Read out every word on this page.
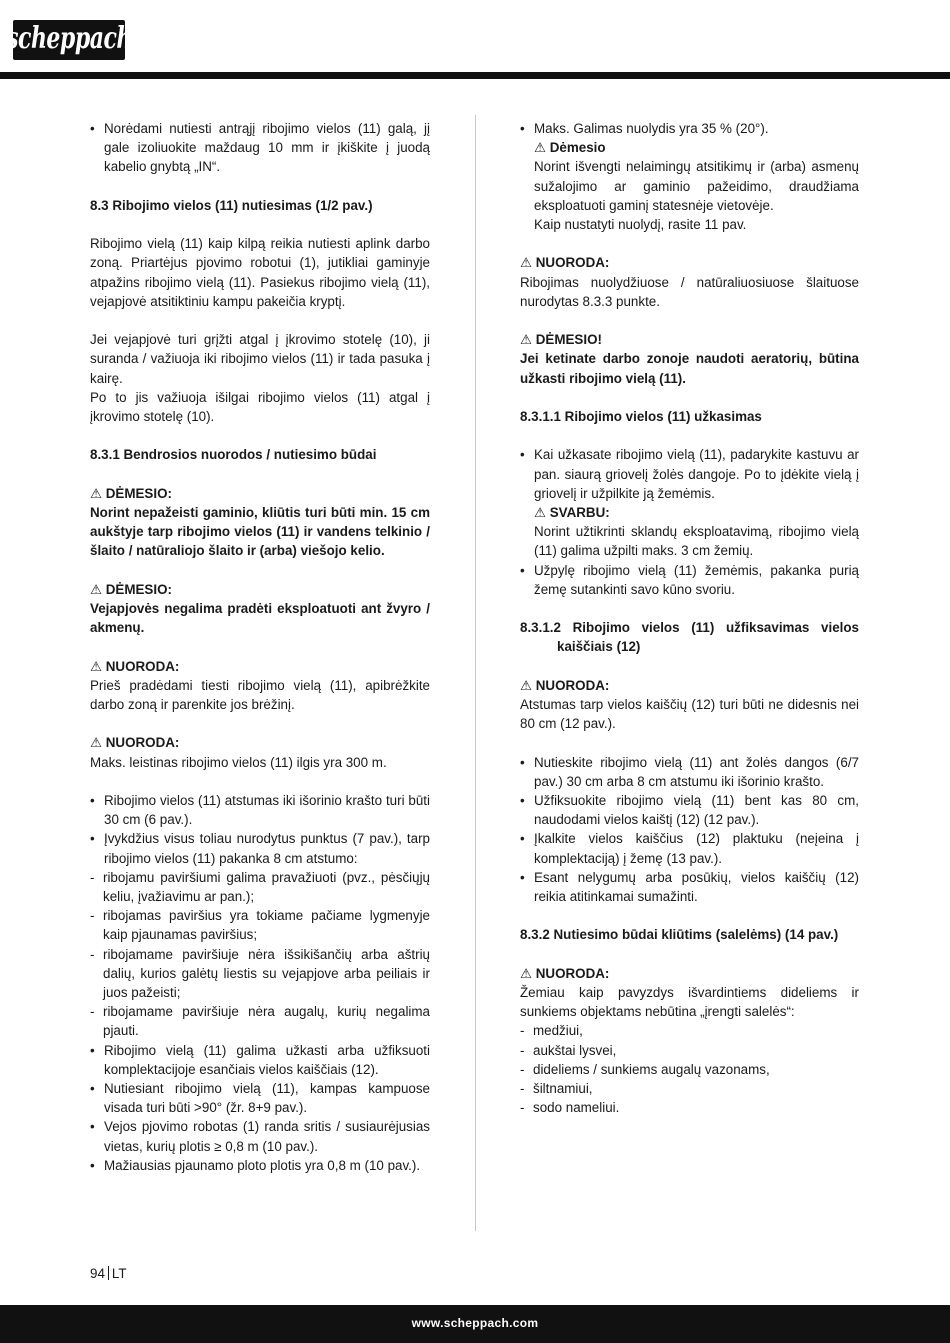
scheppach
• Norėdami nutiesti antrąjį ribojimo vielos (11) galą, jį gale izoliuokite maždaug 10 mm ir įkiškite į juodą kabelio gnybtą „IN“.

8.3 Ribojimo vielos (11) nutiesimas (1/2 pav.)

Ribojimo vielą (11) kaip kilpą reikia nutiesti aplink darbo zoną. Priartėjus pjovimo robotui (1), jutikliai gaminyje atpažins ribojimo vielą (11). Pasiekus ribojimo vielą (11), vejapjovė atsitiktiniu kampu pakeičia kryptį.

Jei vejapjovė turi grįžti atgal į įkrovimo stotelę (10), ji suranda / važiuoja iki ribojimo vielos (11) ir tada pasuka į kairę.

Po to jis važiuoja išilgai ribojimo vielos (11) atgal į įkrovimo stotelę (10).

8.3.1 Bendrosios nuorodos / nutiesimo būdai

⚠ DĖMESIO:

Norint nepažeisti gaminio, kliūtis turi būti min. 15 cm aukštyje tarp ribojimo vielos (11) ir vandens telkinio / šlaito / natūraliojo šlaito ir (arba) viešojo kelio.

⚠ DĖMESIO:

Vejapjovės negalima pradėti eksploatuoti ant žvyro / akmenų.

⚠ NUORODA:

Prieš pradėdami tiesti ribojimo vielą (11), apibrėžkite darbo zoną ir parenkite jos brėžinį.

⚠ NUORODA:

Maks. leistinas ribojimo vielos (11) ilgis yra 300 m.

• Ribojimo vielos (11) atstumas iki išorinio krašto turi būti 30 cm (6 pav.).
• Įvykdžius visus toliau nurodytus punktus (7 pav.), tarp ribojimo vielos (11) pakanka 8 cm atstumo:
- ribojamu paviršiumi galima pravažiuoti (pvz., pėsčiųjų keliu, įvažiavimu ar pan.);
- ribojamas paviršius yra tokiame pačiame lygmenyje kaip pjaunamas paviršius;
- ribojamame paviršiuje nėra išsikišančių arba aštrių dalių, kurios galėtų liestis su vejapjove arba peiliais ir juos pažeisti;
- ribojamame paviršiuje nėra augalų, kurių negalima pjauti.
• Ribojimo vielą (11) galima užkasti arba užfiksuoti komplektacijoje esančiais vielos kaiščiais (12).
• Nutiesiant ribojimo vielą (11), kampas kampuose visada turi būti >90° (žr. 8+9 pav.).
• Vejos pjovimo robotas (1) randa sritis / susiaurėjusias vietas, kurių plotis ≥ 0,8 m (10 pav.).
• Mažiausias pjaunamo ploto plotis yra 0,8 m (10 pav.).
• Maks. Galimas nuolydis yra 35 % (20°).

⚠ Dėmesio

Norint išvengti nelaimingų atsitikimų ir (arba) asmenų sužalojimo ar gaminio pažeidimo, draudžiama eksploatuoti gaminį statesnėje vietovėje.

Kaip nustatyti nuolydį, rasite 11 pav.

⚠ NUORODA:

Ribojimas nuolydžiuose / natūraliuosiuose šlaituose nurodytas 8.3.3 punkte.

⚠ DĖMESIO!

Jei ketinate darbo zonoje naudoti aeratorių, būtina užkasti ribojimo vielą (11).

8.3.1.1 Ribojimo vielos (11) užkasimas

• Kai užkasate ribojimo vielą (11), padarykite kastuvu ar pan. siaurą griovelį žolės dangoje. Po to įdėkite vielą į griovelį ir užpilkite ją žemėmis.

⚠ SVARBU:

Norint užtikrinti sklandų eksploatavimą, ribojimo vielą (11) galima užpilti maks. 3 cm žemių.

• Užpylę ribojimo vielą (11) žemėmis, pakanka purią žemę sutankinti savo kūno svoriu.

8.3.1.2 Ribojimo vielos (11) užfiksavimas vielos kaiščiais (12)

⚠ NUORODA:

Atstumas tarp vielos kaiščių (12) turi būti ne didesnis nei 80 cm (12 pav.).

• Nutieskite ribojimo vielą (11) ant žolės dangos (6/7 pav.) 30 cm arba 8 cm atstumu iki išorinio krašto.
• Užfiksuokite ribojimo vielą (11) bent kas 80 cm, naudodami vielos kaištį (12) (12 pav.).
• Įkalkite vielos kaiščius (12) plaktuku (neįeina į komplektaciją) į žemę (13 pav.).
• Esant nelygumų arba posūkių, vielos kaiščių (12) reikia atitinkamai sumažinti.

8.3.2 Nutiesimo būdai kliūtims (salelėms) (14 pav.)

⚠ NUORODA:

Žemiau kaip pavyzdys išvardintiems dideliems ir sunkiems objektams nebūtina „įrengti salelės“:

- medžiui,
- aukštai lysvei,
- dideliems / sunkiems augalų vazonams,
- šiltnamiui,
- sodo nameliui.
94 LT
www.scheppach.com
